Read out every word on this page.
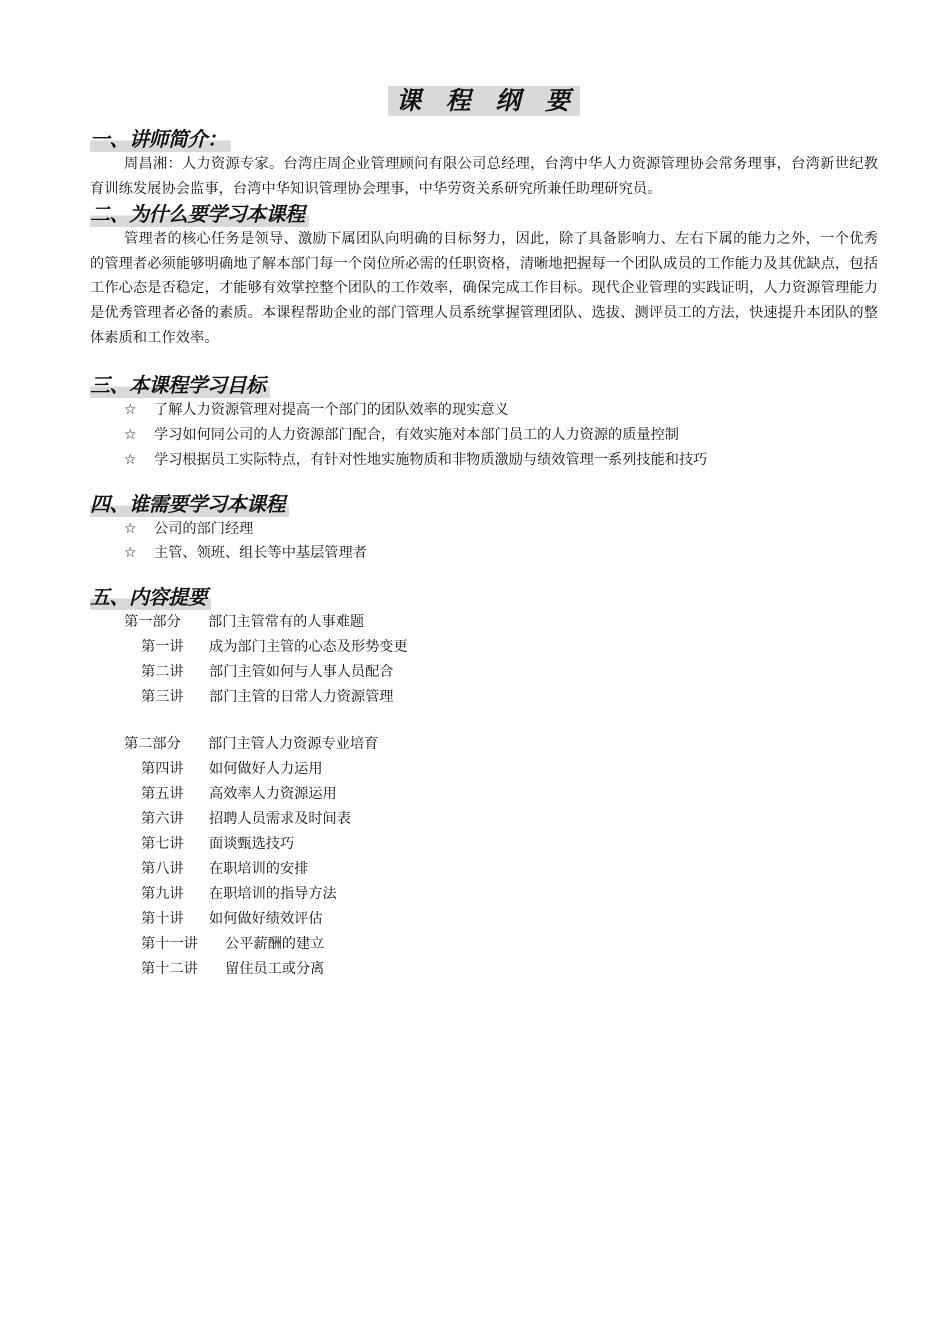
课 程 纲 要
一、讲师简介：

周昌湘：人力资源专家。台湾庄周企业管理顾问有限公司总经理，台湾中华人力资源管理协会常务理事，台湾新世纪教育训练发展协会监事，台湾中华知识管理协会理事，中华劳资关系研究所兼任助理研究员。

二、为什么要学习本课程

管理者的核心任务是领导、激励下属团队向明确的目标努力，因此，除了具备影响力、左右下属的能力之外，一个优秀的管理者必须能够明确地了解本部门每一个岗位所必需的任职资格，清晰地把握每一个团队成员的工作能力及其优缺点，包括工作心态是否稳定，才能够有效掌控整个团队的工作效率，确保完成工作目标。现代企业管理的实践证明，人力资源管理能力是优秀管理者必备的素质。本课程帮助企业的部门管理人员系统掌握管理团队、选拔、测评员工的方法，快速提升本团队的整体素质和工作效率。

三、本课程学习目标
☆ 了解人力资源管理对提高一个部门的团队效率的现实意义
☆ 学习如何同公司的人力资源部门配合，有效实施对本部门员工的人力资源的质量控制
☆ 学习根据员工实际特点，有针对性地实施物质和非物质激励与绩效管理一系列技能和技巧
四、谁需要学习本课程
☆ 公司的部门经理
☆ 主管、领班、组长等中基层管理者
五、内容提要
第一部分 部门主管常有的人事难题
第一讲 成为部门主管的心态及形势变更
第二讲 部门主管如何与人事人员配合
第三讲 部门主管的日常人力资源管理
第二部分 部门主管人力资源专业培育
第四讲 如何做好人力运用
第五讲 高效率人力资源运用
第六讲 招聘人员需求及时间表
第七讲 面谈甄选技巧
第八讲 在职培训的安排
第九讲 在职培训的指导方法
第十讲 如何做好绩效评估
第十一讲 公平薪酬的建立
第十二讲 留住员工或分离
